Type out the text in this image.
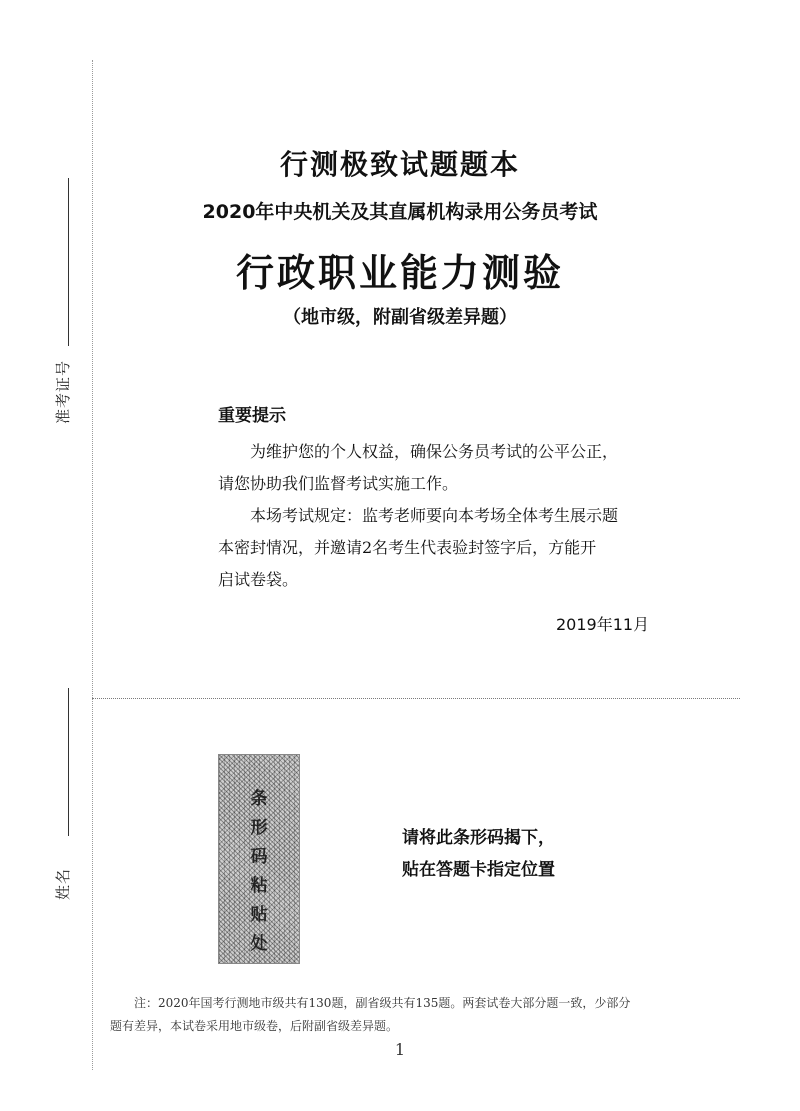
准考证号
姓名
行测极致试题题本
2020年中央机关及其直属机构录用公务员考试
行政职业能力测验
（地市级，附副省级差异题）
重要提示

为维护您的个人权益，确保公务员考试的公平公正，

请您协助我们监督考试实施工作。

本场考试规定：监考老师要向本考场全体考生展示题

本密封情况，并邀请2名考生代表验封签字后，方能开

启试卷袋。

2019年11月
条形码粘贴处
请将此条形码揭下，
贴在答题卡指定位置
注：2020年国考行测地市级共有130题，副省级共有135题。两套试卷大部分题一致，少部分
题有差异，本试卷采用地市级卷，后附副省级差异题。
1
